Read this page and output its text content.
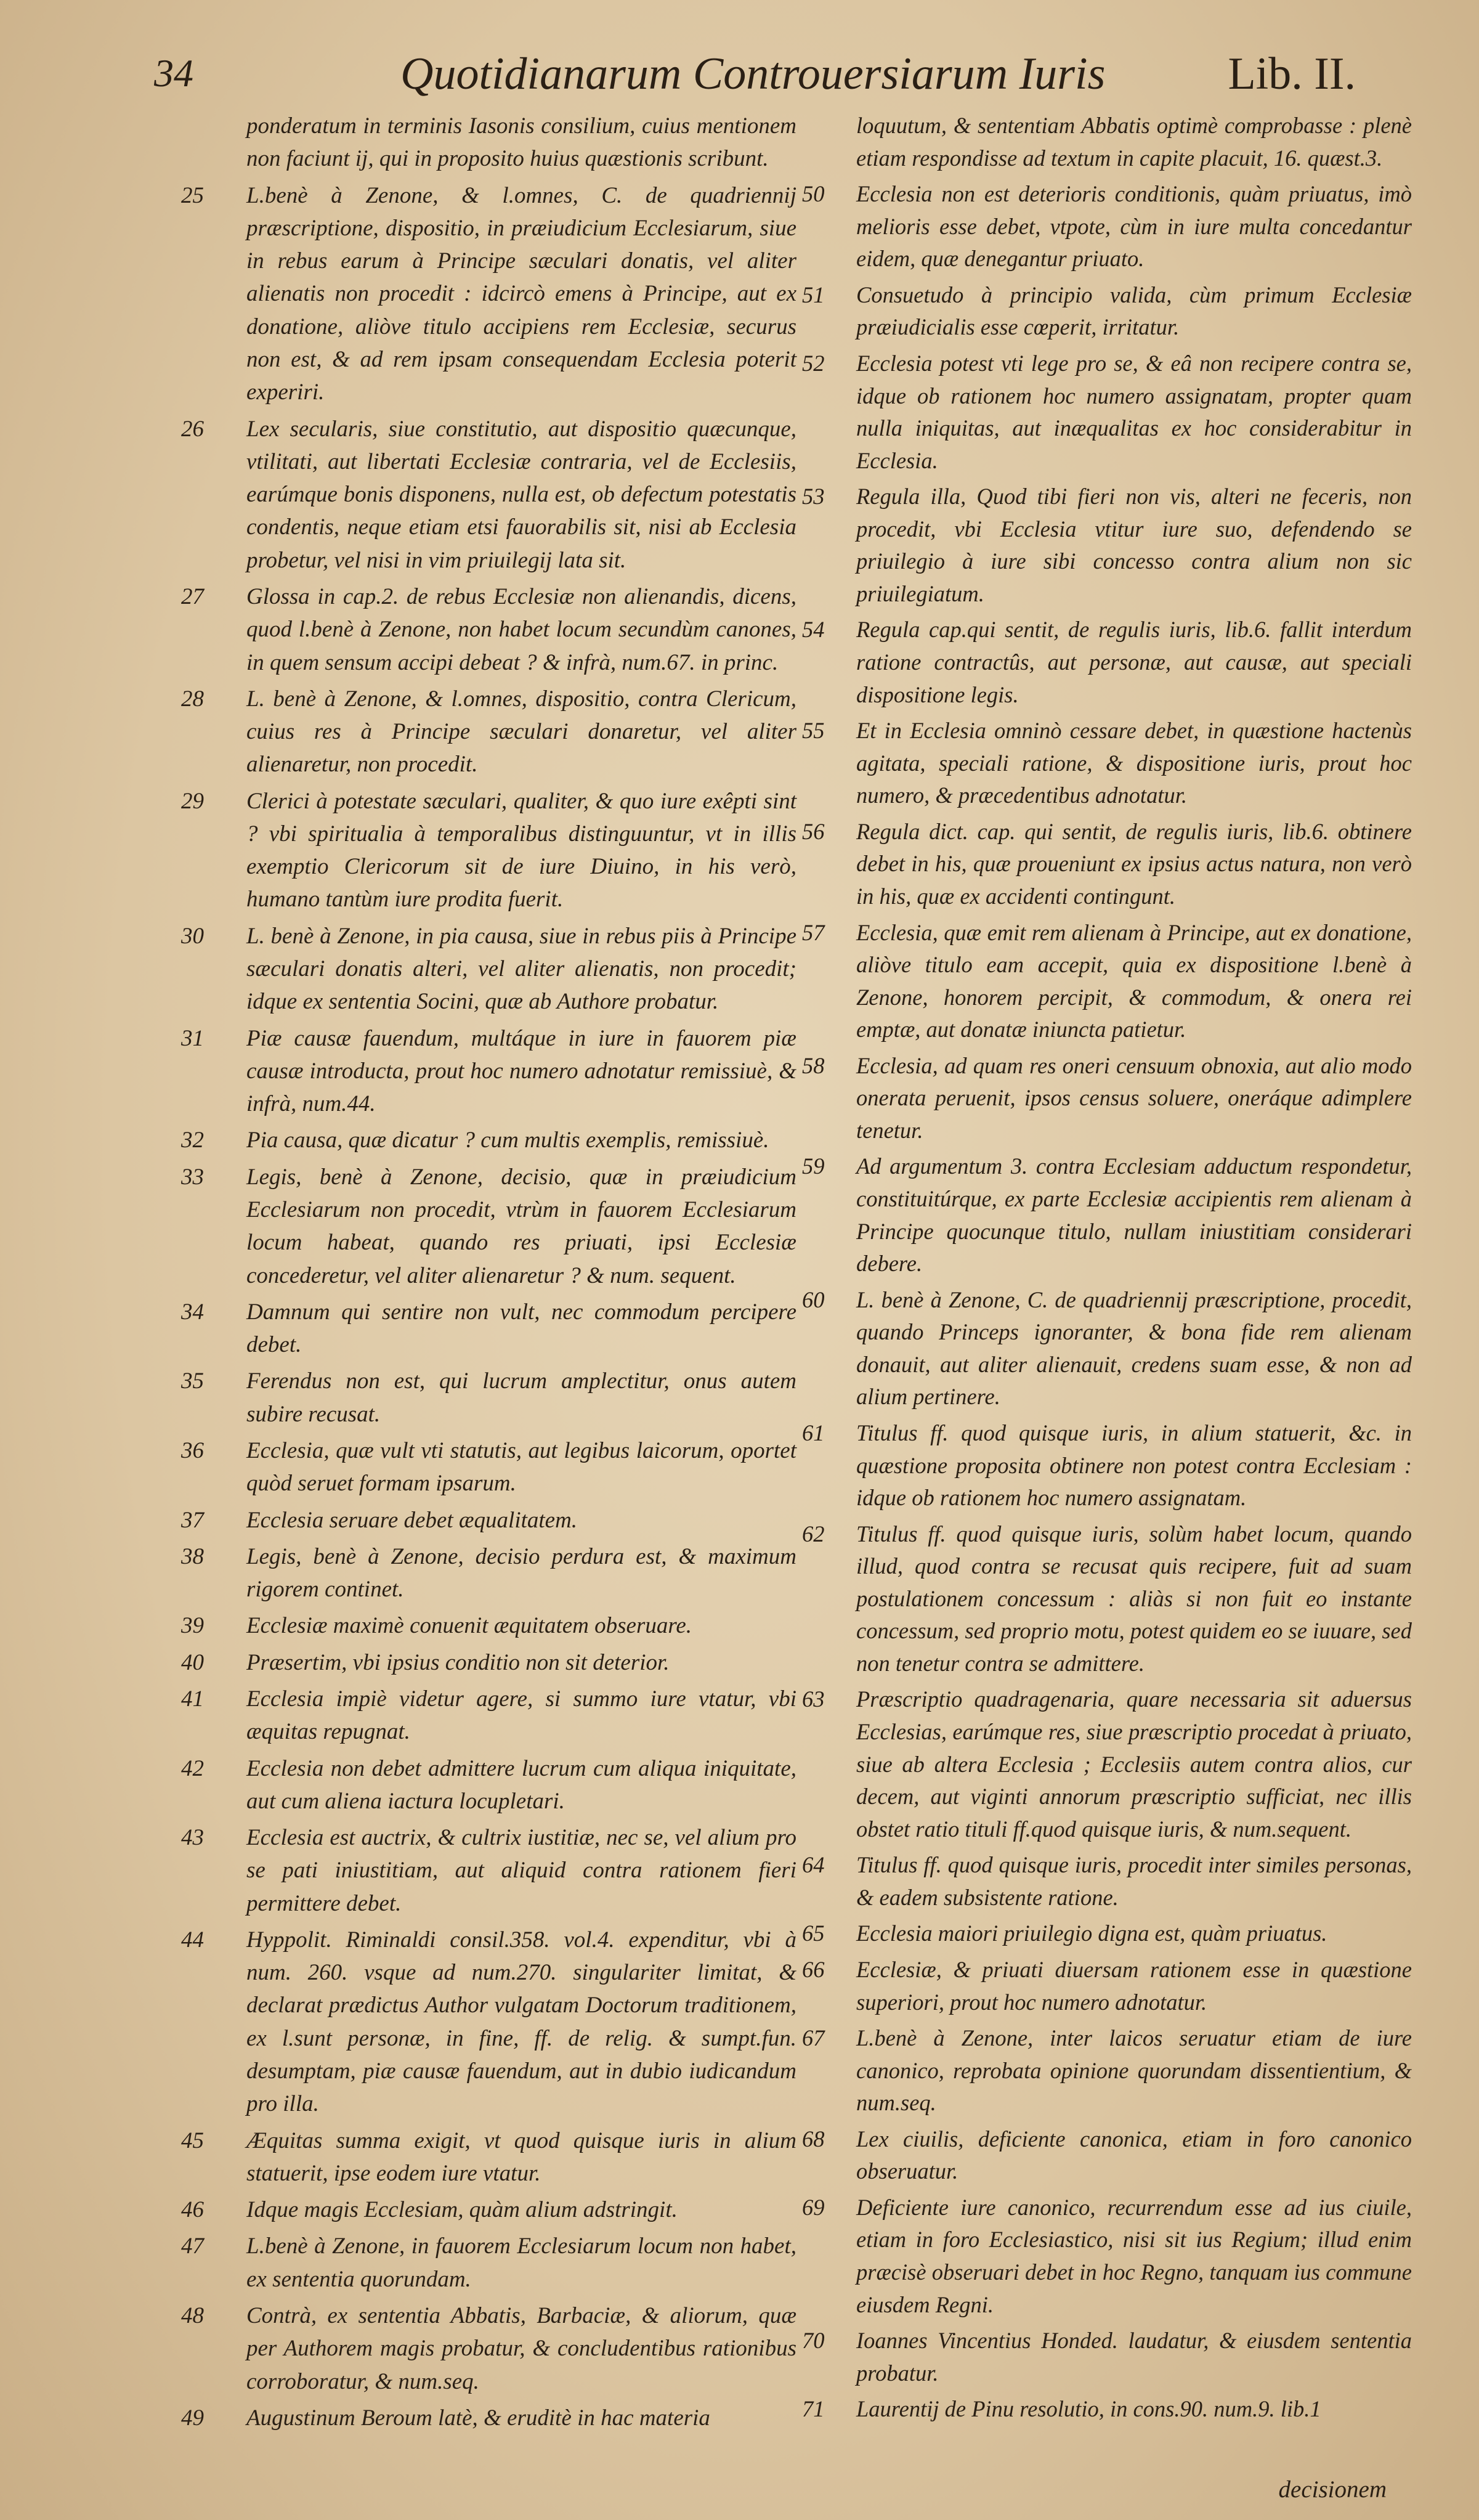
34	Quotidianarum Controuersiarum Iuris	Lib. II.
ponderatum in terminis Iasonis consilium, cuius mentionem non faciunt ij, qui in proposito huius quæstionis scribunt.
25	L.benè à Zenone, & l.omnes, C. de quadriennij præscriptione, dispositio, in præiudicium Ecclesiarum, siue in rebus earum à Principe sæculari donatis, vel aliter alienatis non procedit : idcircò emens à Principe, aut ex donatione, aliòve titulo accipiens rem Ecclesiæ, securus non est, & ad rem ipsam consequendam Ecclesia poterit experiri.
26	Lex secularis, siue constitutio, aut dispositio quæcunque, vtilitati, aut libertati Ecclesiæ contraria, vel de Ecclesiis, earúmque bonis disponens, nulla est, ob defectum potestatis condentis, neque etiam etsi fauorabilis sit, nisi ab Ecclesia probetur, vel nisi in vim priuilegij lata sit.
27	Glossa in cap.2. de rebus Ecclesiæ non alienandis, dicens, quod l.benè à Zenone, non habet locum secundùm canones, in quem sensum accipi debeat ? & infrà, num.67. in princ.
28	L. benè à Zenone, & l.omnes, dispositio, contra Clericum, cuius res à Principe sæculari donaretur, vel aliter alienaretur, non procedit.
29	Clerici à potestate sæculari, qualiter, & quo iure exêpti sint ? vbi spiritualia à temporalibus distinguuntur, vt in illis exemptio Clericorum sit de iure Diuino, in his verò, humano tantùm iure prodita fuerit.
30	L. benè à Zenone, in pia causa, siue in rebus piis à Principe sæculari donatis alteri, vel aliter alienatis, non procedit; idque ex sententia Socini, quæ ab Authore probatur.
31	Piæ causæ fauendum, multáque in iure in fauorem piæ causæ introducta, prout hoc numero adnotatur remissiuè, & infrà, num.44.
32	Pia causa, quæ dicatur ? cum multis exemplis, remissiuè.
33	Legis, benè à Zenone, decisio, quæ in præiudicium Ecclesiarum non procedit, vtrùm in fauorem Ecclesiarum locum habeat, quando res priuati, ipsi Ecclesiæ concederetur, vel aliter alienaretur ? & num. sequent.
34	Damnum qui sentire non vult, nec commodum percipere debet.
35	Ferendus non est, qui lucrum amplectitur, onus autem subire recusat.
36	Ecclesia, quæ vult vti statutis, aut legibus laicorum, oportet quòd seruet formam ipsarum.
37	Ecclesia seruare debet æqualitatem.
38	Legis, benè à Zenone, decisio perdura est, & maximum rigorem continet.
39	Ecclesiæ maximè conuenit æquitatem obseruare.
40	Præsertim, vbi ipsius conditio non sit deterior.
41	Ecclesia impiè videtur agere, si summo iure vtatur, vbi æquitas repugnat.
42	Ecclesia non debet admittere lucrum cum aliqua iniquitate, aut cum aliena iactura locupletari.
43	Ecclesia est auctrix, & cultrix iustitiæ, nec se, vel alium pro se pati iniustitiam, aut aliquid contra rationem fieri permittere debet.
44	Hyppolit. Riminaldi consil.358. vol.4. expenditur, vbi à num. 260. vsque ad num.270. singulariter limitat, & declarat prædictus Author vulgatam Doctorum traditionem, ex l.sunt personæ, in fine, ff. de relig. & sumpt.fun. desumptam, piæ causæ fauendum, aut in dubio iudicandum pro illa.
45	Æquitas summa exigit, vt quod quisque iuris in alium statuerit, ipse eodem iure vtatur.
46	Idque magis Ecclesiam, quàm alium adstringit.
47	L.benè à Zenone, in fauorem Ecclesiarum locum non habet, ex sententia quorundam.
48	Contrà, ex sententia Abbatis, Barbaciæ, & aliorum, quæ per Authorem magis probatur, & concludentibus rationibus corroboratur, & num.seq.
49	Augustinum Beroum latè, & eruditè in hac materia
loquutum, & sententiam Abbatis optimè comprobasse : plenè etiam respondisse ad textum in capite placuit, 16. quæst.3.
50	Ecclesia non est deterioris conditionis, quàm priuatus, imò melioris esse debet, vtpote, cùm in iure multa concedantur eidem, quæ denegantur priuato.
51	Consuetudo à principio valida, cùm primum Ecclesiæ præiudicialis esse cœperit, irritatur.
52	Ecclesia potest vti lege pro se, & eâ non recipere contra se, idque ob rationem hoc numero assignatam, propter quam nulla iniquitas, aut inæqualitas ex hoc considerabitur in Ecclesia.
53	Regula illa, Quod tibi fieri non vis, alteri ne feceris, non procedit, vbi Ecclesia vtitur iure suo, defendendo se priuilegio à iure sibi concesso contra alium non sic priuilegiatum.
54	Regula cap.qui sentit, de regulis iuris, lib.6. fallit interdum ratione contractûs, aut personæ, aut causæ, aut speciali dispositione legis.
55	Et in Ecclesia omninò cessare debet, in quæstione hactenùs agitata, speciali ratione, & dispositione iuris, prout hoc numero, & præcedentibus adnotatur.
56	Regula dict. cap. qui sentit, de regulis iuris, lib.6. obtinere debet in his, quæ proueniunt ex ipsius actus natura, non verò in his, quæ ex accidenti contingunt.
57	Ecclesia, quæ emit rem alienam à Principe, aut ex donatione, aliòve titulo eam accepit, quia ex dispositione l.benè à Zenone, honorem percipit, & commodum, & onera rei emptæ, aut donatæ iniuncta patietur.
58	Ecclesia, ad quam res oneri censuum obnoxia, aut alio modo onerata peruenit, ipsos census soluere, oneráque adimplere tenetur.
59	Ad argumentum 3. contra Ecclesiam adductum respondetur, constituitúrque, ex parte Ecclesiæ accipientis rem alienam à Principe quocunque titulo, nullam iniustitiam considerari debere.
60	L. benè à Zenone, C. de quadriennij præscriptione, procedit, quando Princeps ignoranter, & bona fide rem alienam donauit, aut aliter alienauit, credens suam esse, & non ad alium pertinere.
61	Titulus ff. quod quisque iuris, in alium statuerit, &c. in quæstione proposita obtinere non potest contra Ecclesiam : idque ob rationem hoc numero assignatam.
62	Titulus ff. quod quisque iuris, solùm habet locum, quando illud, quod contra se recusat quis recipere, fuit ad suam postulationem concessum : aliàs si non fuit eo instante concessum, sed proprio motu, potest quidem eo se iuuare, sed non tenetur contra se admittere.
63	Præscriptio quadragenaria, quare necessaria sit aduersus Ecclesias, earúmque res, siue præscriptio procedat à priuato, siue ab altera Ecclesia ; Ecclesiis autem contra alios, cur decem, aut viginti annorum præscriptio sufficiat, nec illis obstet ratio tituli ff.quod quisque iuris, & num.sequent.
64	Titulus ff. quod quisque iuris, procedit inter similes personas, & eadem subsistente ratione.
65	Ecclesia maiori priuilegio digna est, quàm priuatus.
66	Ecclesiæ, & priuati diuersam rationem esse in quæstione superiori, prout hoc numero adnotatur.
67	L.benè à Zenone, inter laicos seruatur etiam de iure canonico, reprobata opinione quorundam dissentientium, & num.seq.
68	Lex ciuilis, deficiente canonica, etiam in foro canonico obseruatur.
69	Deficiente iure canonico, recurrendum esse ad ius ciuile, etiam in foro Ecclesiastico, nisi sit ius Regium; illud enim præcisè obseruari debet in hoc Regno, tanquam ius commune eiusdem Regni.
70	Ioannes Vincentius Honded. laudatur, & eiusdem sententia probatur.
71	Laurentij de Pinu resolutio, in cons.90. num.9. lib.1
decisionem
